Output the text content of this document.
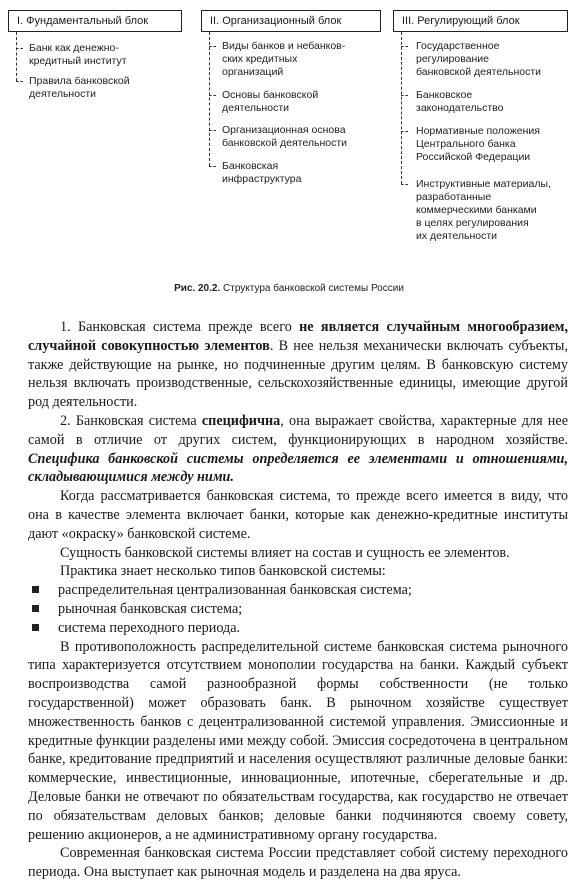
I. Фундаментальный блок
Банк как денежно-
кредитный институт
Правила банковской
деятельности
II. Организационный блок
Виды банков и небанков-
ских кредитных
организаций
Основы банковской
деятельности
Организационная основа
банковской деятельности
Банковская
инфраструктура
III. Регулирующий блок
Государственное
регулирование
банковской деятельности
Банковское
законодательство
Нормативные положения
Центрального банка
Российской Федерации
Инструктивные материалы,
разработанные
коммерческими банками
в целях регулирования
их деятельности
Рис. 20.2. Структура банковской системы России

1. Банковская система прежде всего не является случайным многообразием, случайной совокупностью элементов. В нее нельзя механически включать субъекты, также действующие на рынке, но подчиненные другим целям. В банковскую систему нельзя включать производственные, сельскохозяйственные единицы, имеющие другой род деятельности.

2. Банковская система специфична, она выражает свойства, характерные для нее самой в отличие от других систем, функционирующих в народном хозяйстве. Специфика банковской системы определяется ее элементами и отношениями, складывающимися между ними.

Когда рассматривается банковская система, то прежде всего имеется в виду, что она в качестве элемента включает банки, которые как денежно-кредитные институты дают «окраску» банковской системе.

Сущность банковской системы влияет на состав и сущность ее элементов.

Практика знает несколько типов банковской системы:

распределительная централизованная банковская система;
рыночная банковская система;
система переходного периода.

В противоположность распределительной системе банковская система рыночного типа характеризуется отсутствием монополии государства на банки. Каждый субъект воспроизводства самой разнообразной формы собственности (не только государственной) может образовать банк. В рыночном хозяйстве существует множественность банков с децентрализованной системой управления. Эмиссионные и кредитные функции разделены ими между собой. Эмиссия сосредоточена в центральном банке, кредитование предприятий и населения осуществляют различные деловые банки: коммерческие, инвестиционные, инновационные, ипотечные, сберегательные и др. Деловые банки не отвечают по обязательствам государства, как государство не отвечает по обязательствам деловых банков; деловые банки подчиняются своему совету, решению акционеров, а не административному органу государства.

Современная банковская система России представляет собой систему переходного периода. Она выступает как рыночная модель и разделена на два яруса.
